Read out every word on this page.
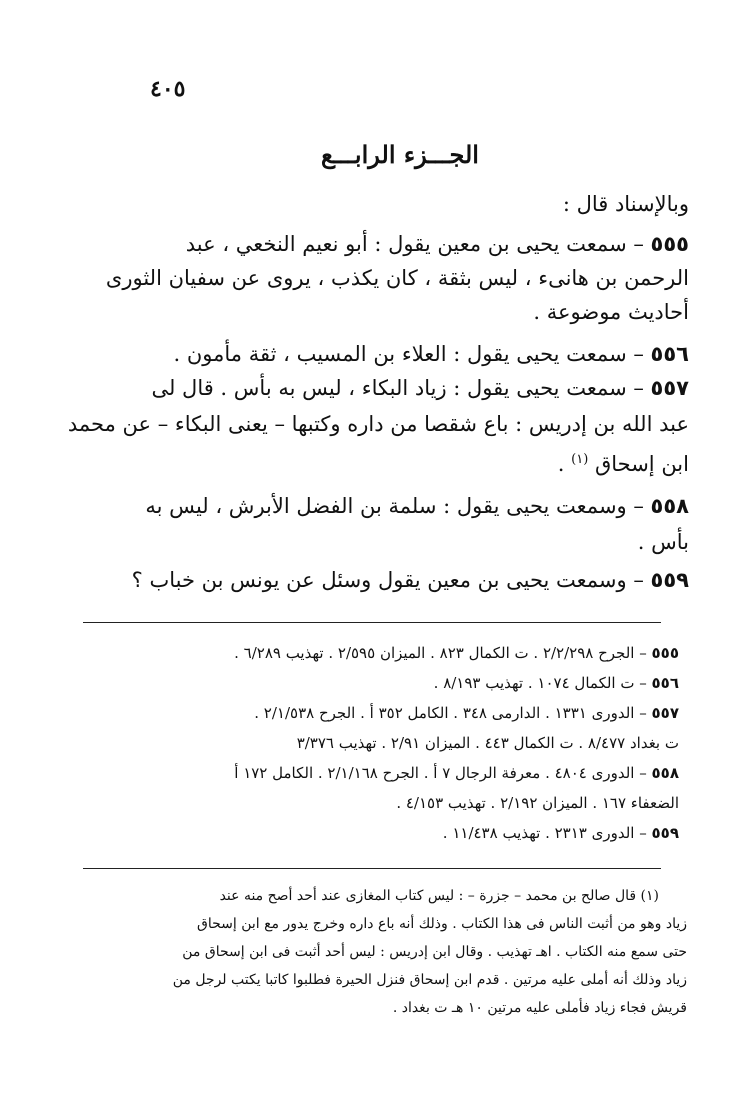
٤٠٥
الجـــزء الرابـــع
وبالإسناد قال :
٥٥٥ – سمعت يحيى بن معين يقول : أبو نعيم النخعي ، عبد
الرحمن بن هانىء ، ليس بثقة ، كان يكذب ، يروى عن سفيان الثورى
أحاديث موضوعة .
٥٥٦ – سمعت يحيى يقول : العلاء بن المسيب ، ثقة مأمون .
٥٥٧ – سمعت يحيى يقول : زياد البكاء ، ليس به بأس . قال لى
عبد الله بن إدريس : باع شقصا من داره وكتبها – يعنى البكاء – عن محمد
ابن إسحاق $^{(١)}$ .
٥٥٨ – وسمعت يحيى يقول : سلمة بن الفضل الأبرش ، ليس به
بأس .
٥٥٩ – وسمعت يحيى بن معين يقول وسئل عن يونس بن خباب ؟
٥٥٥ – الجرح ٢/٢/٢٩٨ . ت الكمال ٨٢٣ . الميزان ٢/٥٩٥ . تهذيب ٦/٢٨٩ .
٥٥٦ – ت الكمال ١٠٧٤ . تهذيب ٨/١٩٣ .
٥٥٧ – الدورى ١٣٣١ . الدارمى ٣٤٨ . الكامل ٣٥٢ أ . الجرح ٢/١/٥٣٨ .
ت بغداد ٨/٤٧٧ . ت الكمال ٤٤٣ . الميزان ٢/٩١ . تهذيب ٣/٣٧٦
٥٥٨ – الدورى ٤٨٠٤ . معرفة الرجال ٧ أ . الجرح ٢/١/١٦٨ . الكامل ١٧٢ أ
الضعفاء ١٦٧ . الميزان ٢/١٩٢ . تهذيب ٤/١٥٣ .
٥٥٩ – الدورى ٢٣١٣ . تهذيب ١١/٤٣٨ .
(١) قال صالح بن محمد – جزرة – : ليس كتاب المغازى عند أحد أصح منه عند
زياد وهو من أثبت الناس فى هذا الكتاب . وذلك أنه باع داره وخرج يدور مع ابن إسحاق
حتى سمع منه الكتاب . اهـ تهذيب . وقال ابن إدريس : ليس أحد أثبت فى ابن إسحاق من
زياد وذلك أنه أملى عليه مرتين . قدم ابن إسحاق فنزل الحيرة فطلبوا كاتبا يكتب لرجل من
قريش فجاء زياد فأملى عليه مرتين ١٠ هـ ت بغداد .
